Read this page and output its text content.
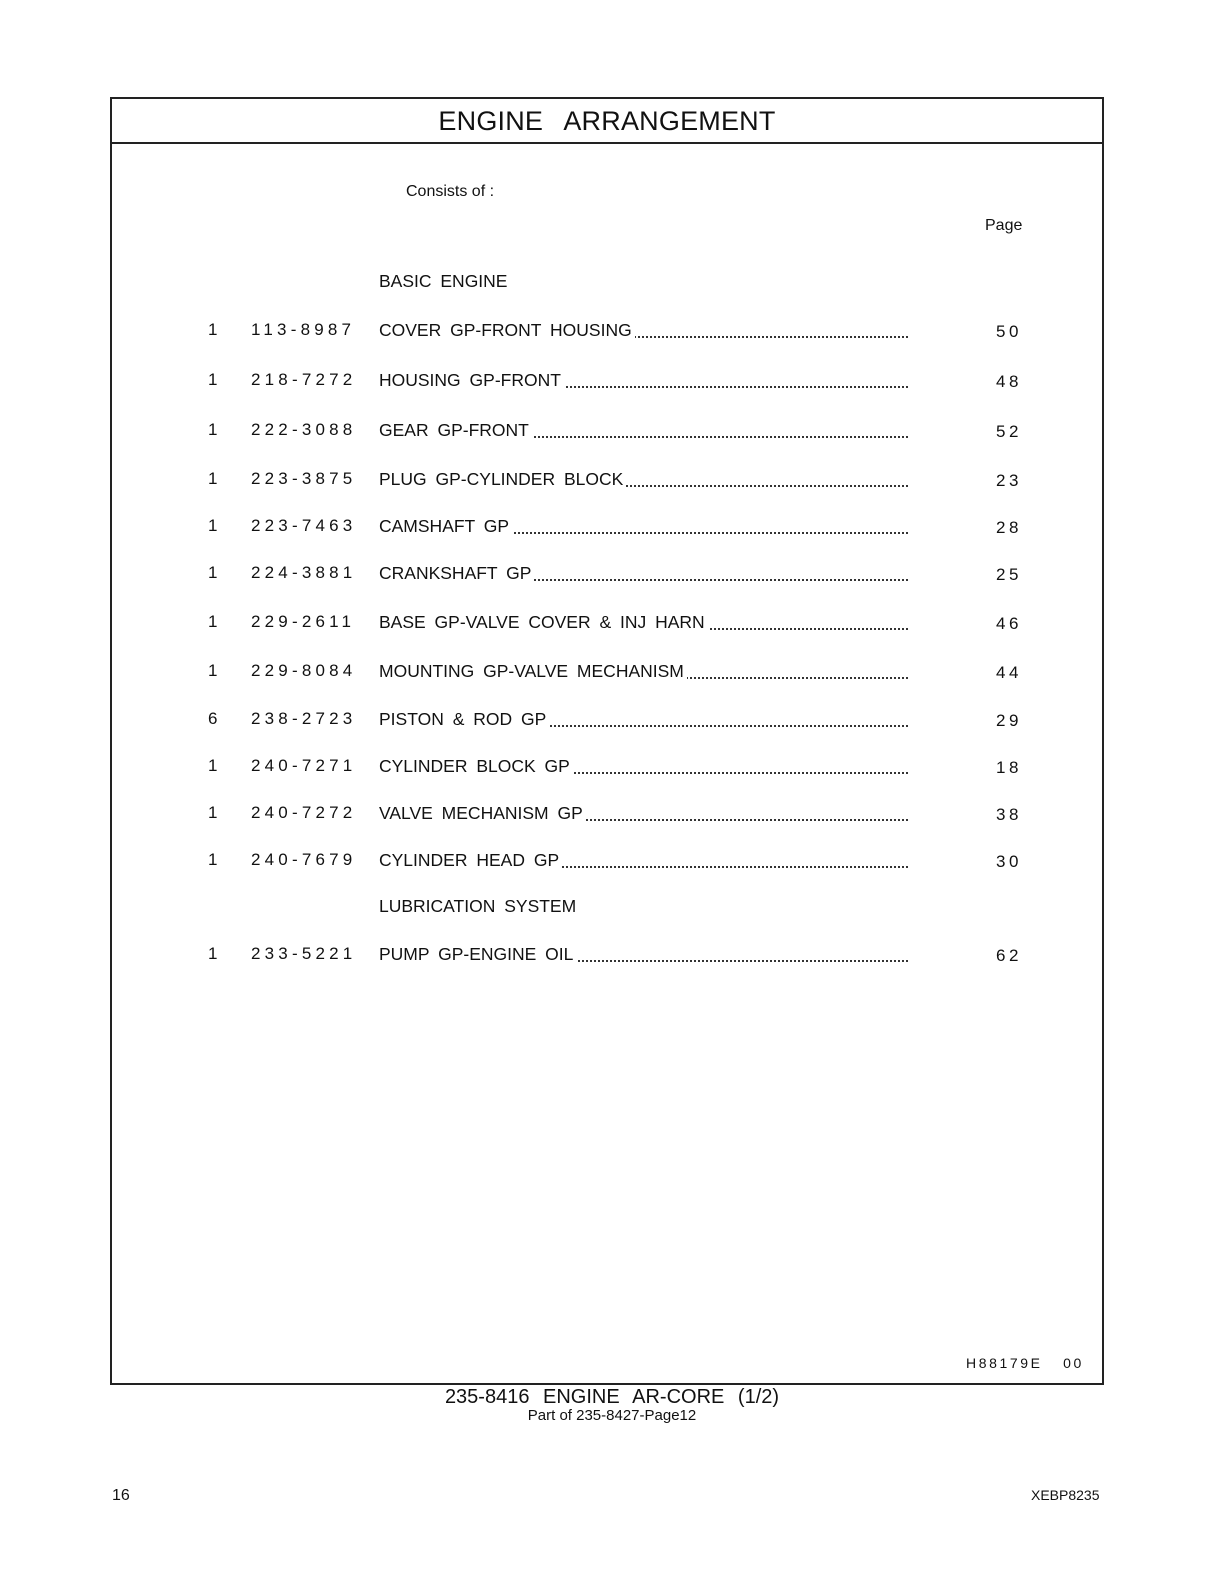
ENGINE ARRANGEMENT
Consists of :
Page
BASIC ENGINE
1 113-8987 COVER GP-FRONT HOUSING	50
1 218-7272 HOUSING GP-FRONT	48
1 222-3088 GEAR GP-FRONT	52
1 223-3875 PLUG GP-CYLINDER BLOCK	23
1 223-7463 CAMSHAFT GP	28
1 224-3881 CRANKSHAFT GP	25
1 229-2611 BASE GP-VALVE COVER & INJ HARN	46
1 229-8084 MOUNTING GP-VALVE MECHANISM	44
6 238-2723 PISTON & ROD GP	29
1 240-7271 CYLINDER BLOCK GP	18
1 240-7272 VALVE MECHANISM GP	38
1 240-7679 CYLINDER HEAD GP	30
LUBRICATION SYSTEM
1 233-5221 PUMP GP-ENGINE OIL	62
H88179E 00
235-8416 ENGINE AR-CORE (1/2)
Part of 235-8427-Page12
16	XEBP8235
